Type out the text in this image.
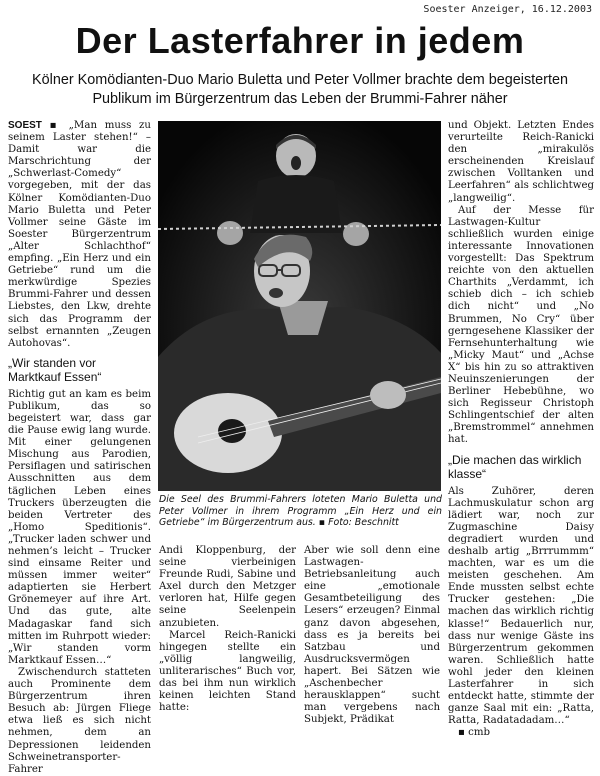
Soester Anzeiger, 16.12.2003
Der Lasterfahrer in jedem

Kölner Komödianten-Duo Mario Buletta und Peter Vollmer brachte dem begeisterten Publikum im Bürgerzentrum das Leben der Brummi-Fahrer näher

SOEST ▪ „Man muss zu seinem Laster stehen!“ – Damit war die Marschrichtung der „Schwerlast-Comedy“ vorgegeben, mit der das Kölner Komödianten-Duo Mario Buletta und Peter Vollmer seine Gäste im Soester Bürgerzentrum „Alter Schlachthof“ empfing. „Ein Herz und ein Getriebe“ rund um die merkwürdige Spezies Brummi-Fahrer und dessen Liebstes, den Lkw, drehte sich das Programm der selbst ernannten „Zeugen Autohovas“.

„Wir standen vor Marktkauf Essen“

Richtig gut an kam es beim Publikum, das so begeistert war, dass gar die Pause ewig lang wurde. Mit einer gelungenen Mischung aus Parodien, Persiflagen und satirischen Ausschnitten aus dem täglichen Leben eines Truckers überzeugten die beiden Vertreter des „Homo Speditionis“. „Trucker laden schwer und nehmen’s leicht – Trucker sind einsame Reiter und müssen immer weiter“ adaptierten sie Herbert Grönemeyer auf ihre Art. Und das gute, alte Madagaskar fand sich mitten im Ruhrpott wieder: „Wir standen vorm Marktkauf Essen…“

Zwischendurch statteten auch Prominente dem Bürgerzentrum ihren Besuch ab: Jürgen Fliege etwa ließ es sich nicht nehmen, dem an Depressionen leidenden Schweinetransporter-Fahrer

Die Seel des Brummi-Fahrers loteten Mario Buletta und Peter Vollmer in ihrem Programm „Ein Herz und ein Getriebe“ im Bürgerzentrum aus. ▪ Foto: Beschnitt

Andi Kloppenburg, der seine vierbeinigen Freunde Rudi, Sabine und Axel durch den Metzger verloren hat, Hilfe gegen seine Seelenpein anzubieten.

Marcel Reich-Ranicki hingegen stellte ein „völlig langweilig, unliterarisches“ Buch vor, das bei ihm nun wirklich keinen leichten Stand hatte:

Aber wie soll denn eine Lastwagen-Betriebsanleitung auch eine „emotionale Gesamtbeteiligung des Lesers“ erzeugen? Einmal ganz davon abgesehen, dass es ja bereits bei Satzbau und Ausdrucksvermögen hapert. Bei Sätzen wie „Aschenbecher herausklappen“ sucht man vergebens nach Subjekt, Prädikat

und Objekt. Letzten Endes verurteilte Reich-Ranicki den „mirakulös erscheinenden Kreislauf zwischen Volltanken und Leerfahren“ als schlichtweg „langweilig“.

Auf der Messe für Lastwagen-Kultur schließlich wurden einige interessante Innovationen vorgestellt: Das Spektrum reichte von den aktuellen Charthits „Verdammt, ich schieb dich – ich schieb dich nicht“ und „No Brummen, No Cry“ über gerngesehene Klassiker der Fernsehunterhaltung wie „Micky Maut“ und „Achse X“ bis hin zu so attraktiven Neuinszenierungen der Berliner Hebebühne, wo sich Regisseur Christoph Schlingentschief der alten „Bremstrommel“ annehmen hat.

„Die machen das wirklich klasse“

Als Zuhörer, deren Lachmuskulatur schon arg lädiert war, noch zur Zugmaschine Daisy degradiert wurden und deshalb artig „Brrrummm“ machten, war es um die meisten geschehen. Am Ende mussten selbst echte Trucker gestehen: „Die machen das wirklich richtig klasse!“ Bedauerlich nur, dass nur wenige Gäste ins Bürgerzentrum gekommen waren. Schließlich hatte wohl jeder den kleinen Lasterfahrer in sich entdeckt hatte, stimmte der ganze Saal mit ein: „Ratta, Ratta, Radatadadam…“

▪ cmb
